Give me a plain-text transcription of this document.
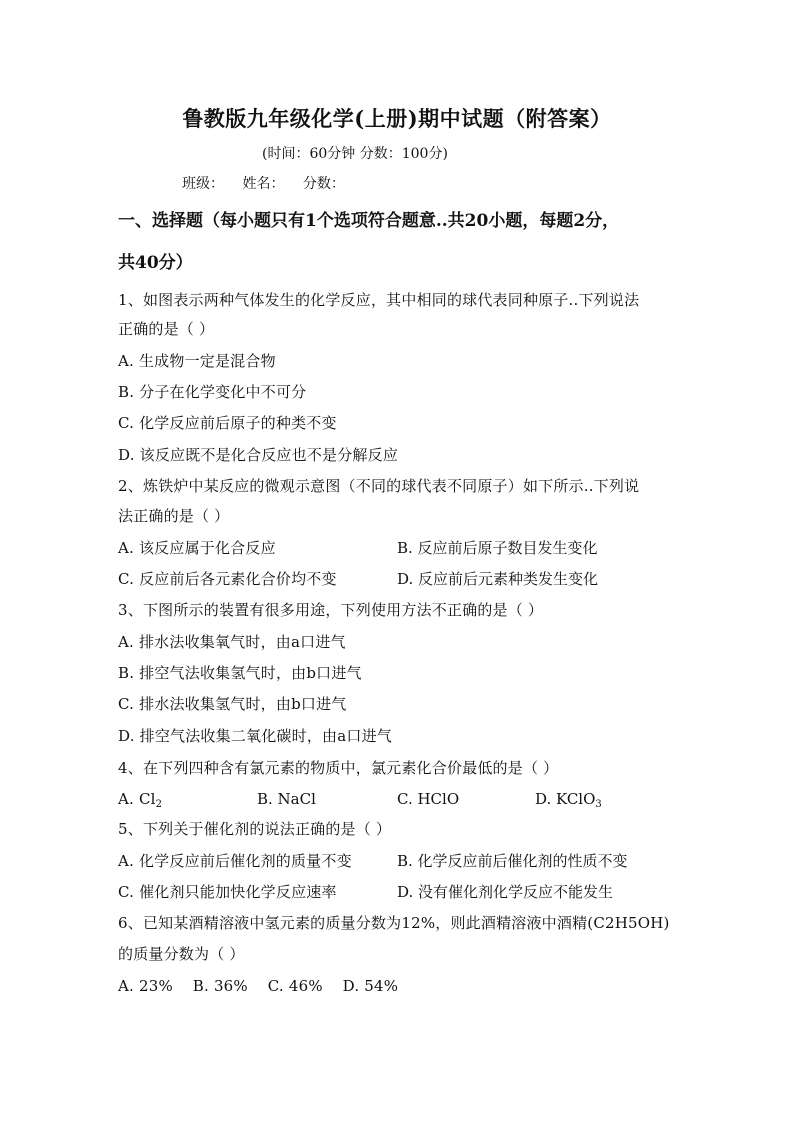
鲁教版九年级化学(上册)期中试题（附答案）
(时间：60分钟 分数：100分)
班级： 姓名： 分数：
一、选择题（每小题只有1个选项符合题意..共20小题，每题2分，
共40分）
1、如图表示两种气体发生的化学反应，其中相同的球代表同种原子..下列说法
正确的是（ ）
A. 生成物一定是混合物
B. 分子在化学变化中不可分
C. 化学反应前后原子的种类不变
D. 该反应既不是化合反应也不是分解反应
2、炼铁炉中某反应的微观示意图（不同的球代表不同原子）如下所示..下列说
法正确的是（ ）
A. 该反应属于化合反应	B. 反应前后原子数目发生变化
C. 反应前后各元素化合价均不变	D. 反应前后元素种类发生变化
3、下图所示的装置有很多用途，下列使用方法不正确的是（ ）
A. 排水法收集氧气时，由a口进气
B. 排空气法收集氢气时，由b口进气
C. 排水法收集氢气时，由b口进气
D. 排空气法收集二氧化碳时，由a口进气
4、在下列四种含有氯元素的物质中，氯元素化合价最低的是（ ）
A. $Cl_2$	B. NaCl	C. HClO	D. KClO$_3$
5、下列关于催化剂的说法正确的是（ ）
A. 化学反应前后催化剂的质量不变	B. 化学反应前后催化剂的性质不变
C. 催化剂只能加快化学反应速率	D. 没有催化剂化学反应不能发生
6、已知某酒精溶液中氢元素的质量分数为12%，则此酒精溶液中酒精(C2H5OH)
的质量分数为（ ）
A. 23%    B. 36%    C. 46%    D. 54%
